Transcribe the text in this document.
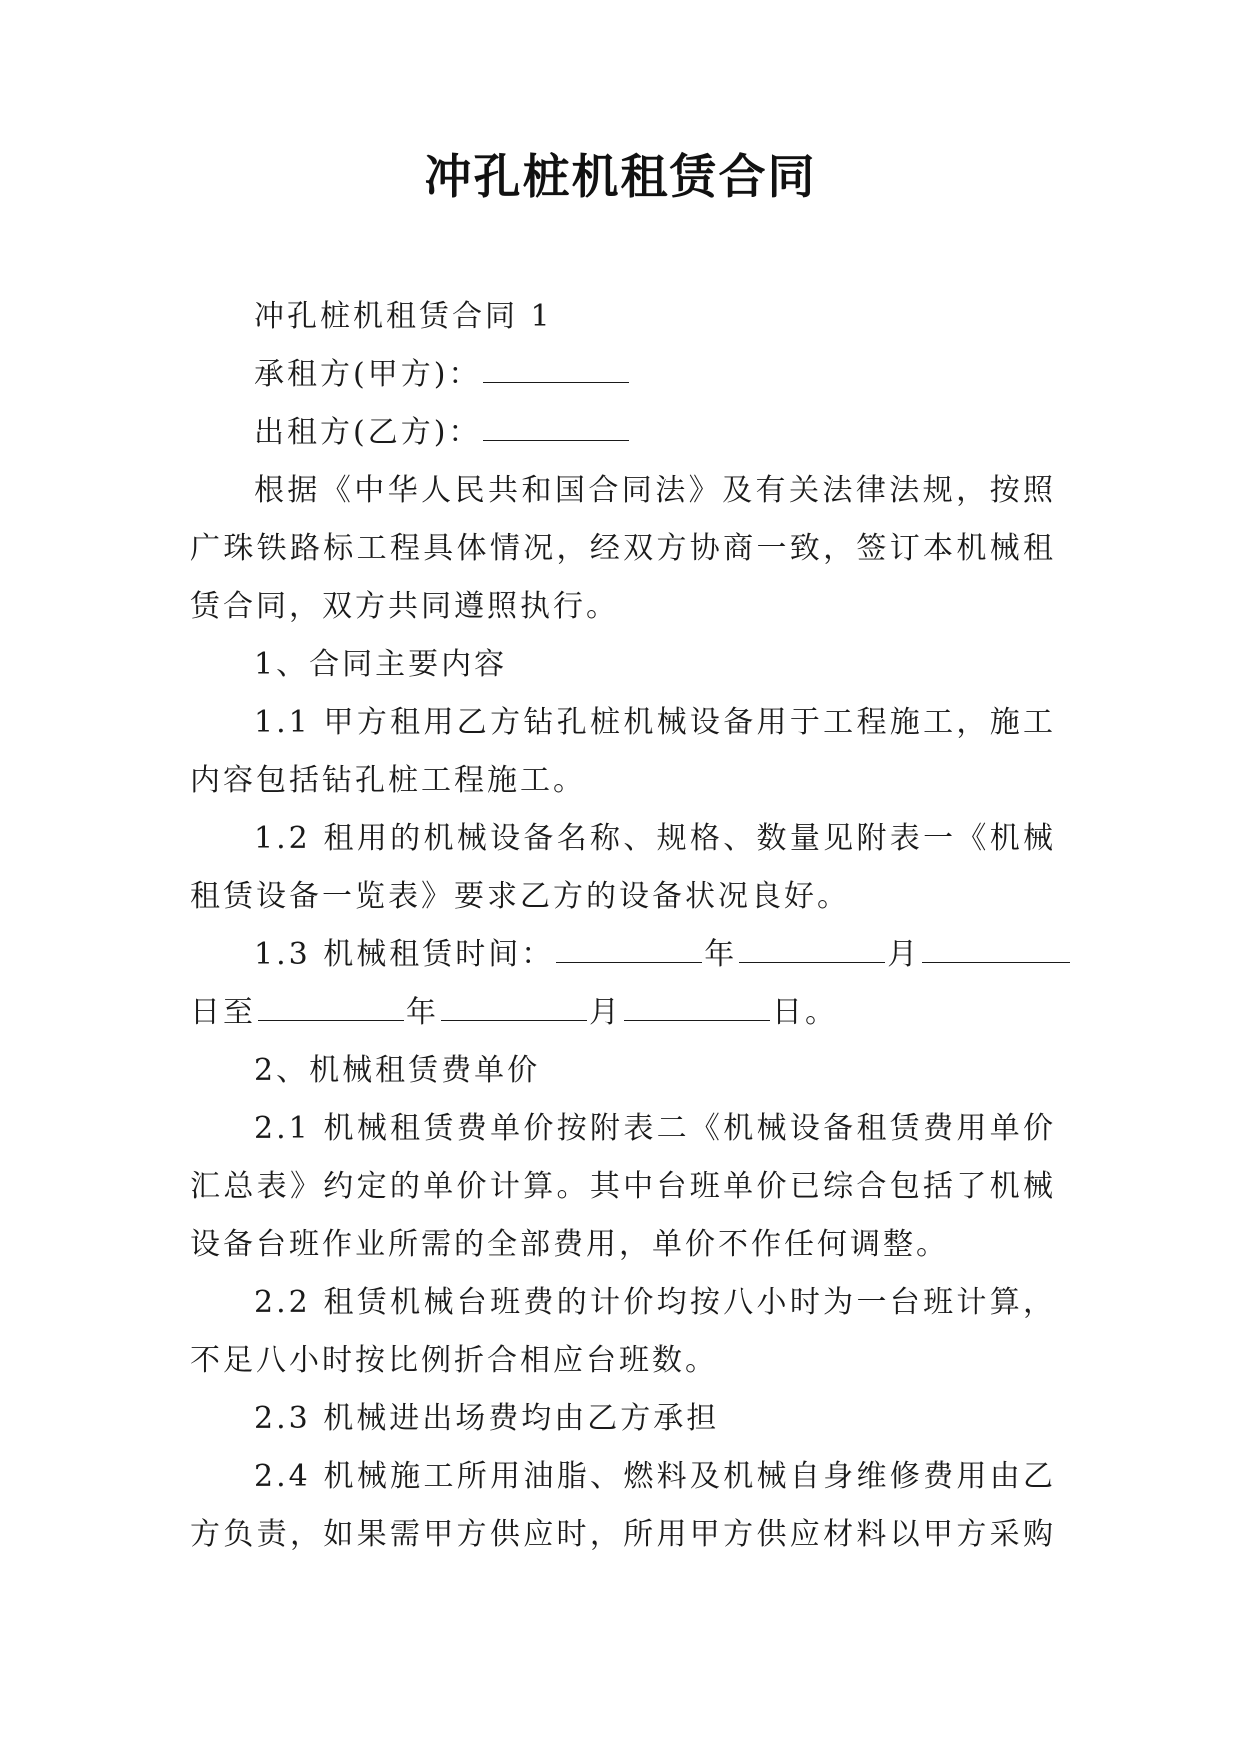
冲孔桩机租赁合同
冲孔桩机租赁合同 1
承租方(甲方)：
出租方(乙方)：
根据《中华人民共和国合同法》及有关法律法规，按照
广珠铁路标工程具体情况，经双方协商一致，签订本机械租
赁合同，双方共同遵照执行。
1、合同主要内容
1.1 甲方租用乙方钻孔桩机械设备用于工程施工，施工
内容包括钻孔桩工程施工。
1.2 租用的机械设备名称、规格、数量见附表一《机械
租赁设备一览表》要求乙方的设备状况良好。
1.3 机械租赁时间：	年	月
日至	年	月	日。
2、机械租赁费单价
2.1 机械租赁费单价按附表二《机械设备租赁费用单价
汇总表》约定的单价计算。其中台班单价已综合包括了机械
设备台班作业所需的全部费用，单价不作任何调整。
2.2 租赁机械台班费的计价均按八小时为一台班计算，
不足八小时按比例折合相应台班数。
2.3 机械进出场费均由乙方承担
2.4 机械施工所用油脂、燃料及机械自身维修费用由乙
方负责，如果需甲方供应时，所用甲方供应材料以甲方采购
